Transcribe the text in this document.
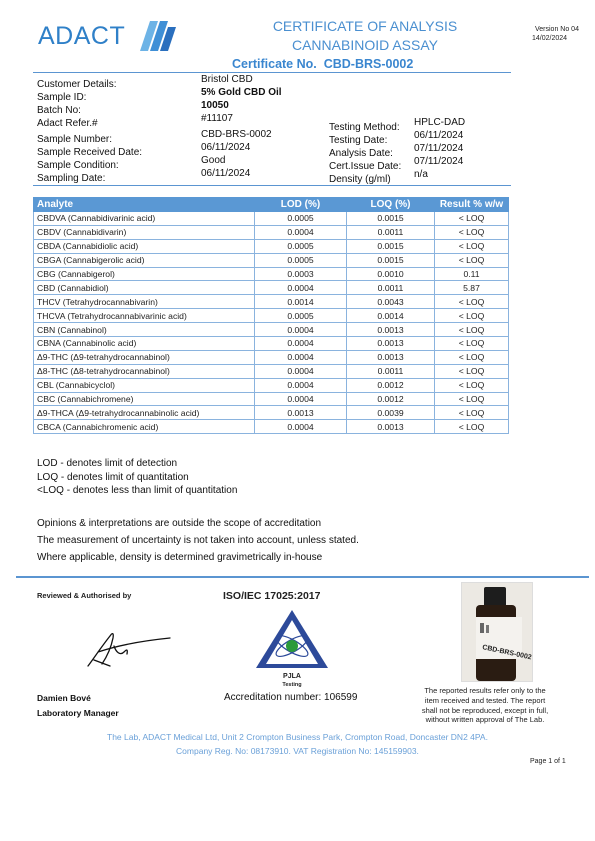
ADACT	CERTIFICATE OF ANALYSIS
CANNABINOID ASSAY
Version No 04
14/02/2024
Certificate No. CBD-BRS-0002
Customer Details:	Bristol CBD
Sample ID:	5% Gold CBD Oil
Batch No:	10050
Adact Refer.#	#11107
Sample Number:	CBD-BRS-0002
Sample Received Date:	06/11/2024
Sample Condition:	Good
Sampling Date:	06/11/2024
Testing Method: HPLC-DAD
Testing Date:	06/11/2024
Analysis Date: 07/11/2024
Cert.Issue Date: 07/11/2024
Density (g/ml) n/a
Analyte	LOD (%)	LOQ (%)	Result % w/w
CBDVA (Cannabidivarinic acid)	0.0005	0.0015	< LOQ
CBDV (Cannabidivarin)	0.0004	0.0011	< LOQ
CBDA (Cannabidiolic acid)	0.0005	0.0015	< LOQ
CBGA (Cannabigerolic acid)	0.0005	0.0015	< LOQ
CBG (Cannabigerol)	0.0003	0.0010	0.11
CBD (Cannabidiol)	0.0004	0.0011	5.87
THCV (Tetrahydrocannabivarin)	0.0014	0.0043	< LOQ
THCVA (Tetrahydrocannabivarinic acid)	0.0005	0.0014	< LOQ
CBN (Cannabinol)	0.0004	0.0013	< LOQ
CBNA (Cannabinolic acid)	0.0004	0.0013	< LOQ
Δ9-THC (Δ9-tetrahydrocannabinol)	0.0004	0.0013	< LOQ
Δ8-THC (Δ8-tetrahydrocannabinol)	0.0004	0.0011	< LOQ
CBL (Cannabicyclol)	0.0004	0.0012	< LOQ
CBC (Cannabichromene)	0.0004	0.0012	< LOQ
Δ9-THCA (Δ9-tetrahydrocannabinolic acid)	0.0013	0.0039	< LOQ
CBCA (Cannabichromenic acid)	0.0004	0.0013	< LOQ
LOD - denotes limit of detection
LOQ - denotes limit of quantitation
<LOQ - denotes less than limit of quantitation
Opinions & interpretations are outside the scope of accreditation
The measurement of uncertainty is not taken into account, unless stated.
Where applicable, density is determined gravimetrically in-house
Reviewed & Authorised by	ISO/IEC 17025:2017
PJLA
Testing
CBD-BRS-0002
Damien Bové
Laboratory Manager
Accreditation number: 106599
The reported results refer only to the item received and tested. The report shall not be reproduced, except in full, without written approval of The Lab.
The Lab, ADACT Medical Ltd, Unit 2 Crompton Business Park, Crompton Road, Doncaster DN2 4PA.
Company Reg. No: 08173910. VAT Registration No: 145159903.
Page 1 of 1
